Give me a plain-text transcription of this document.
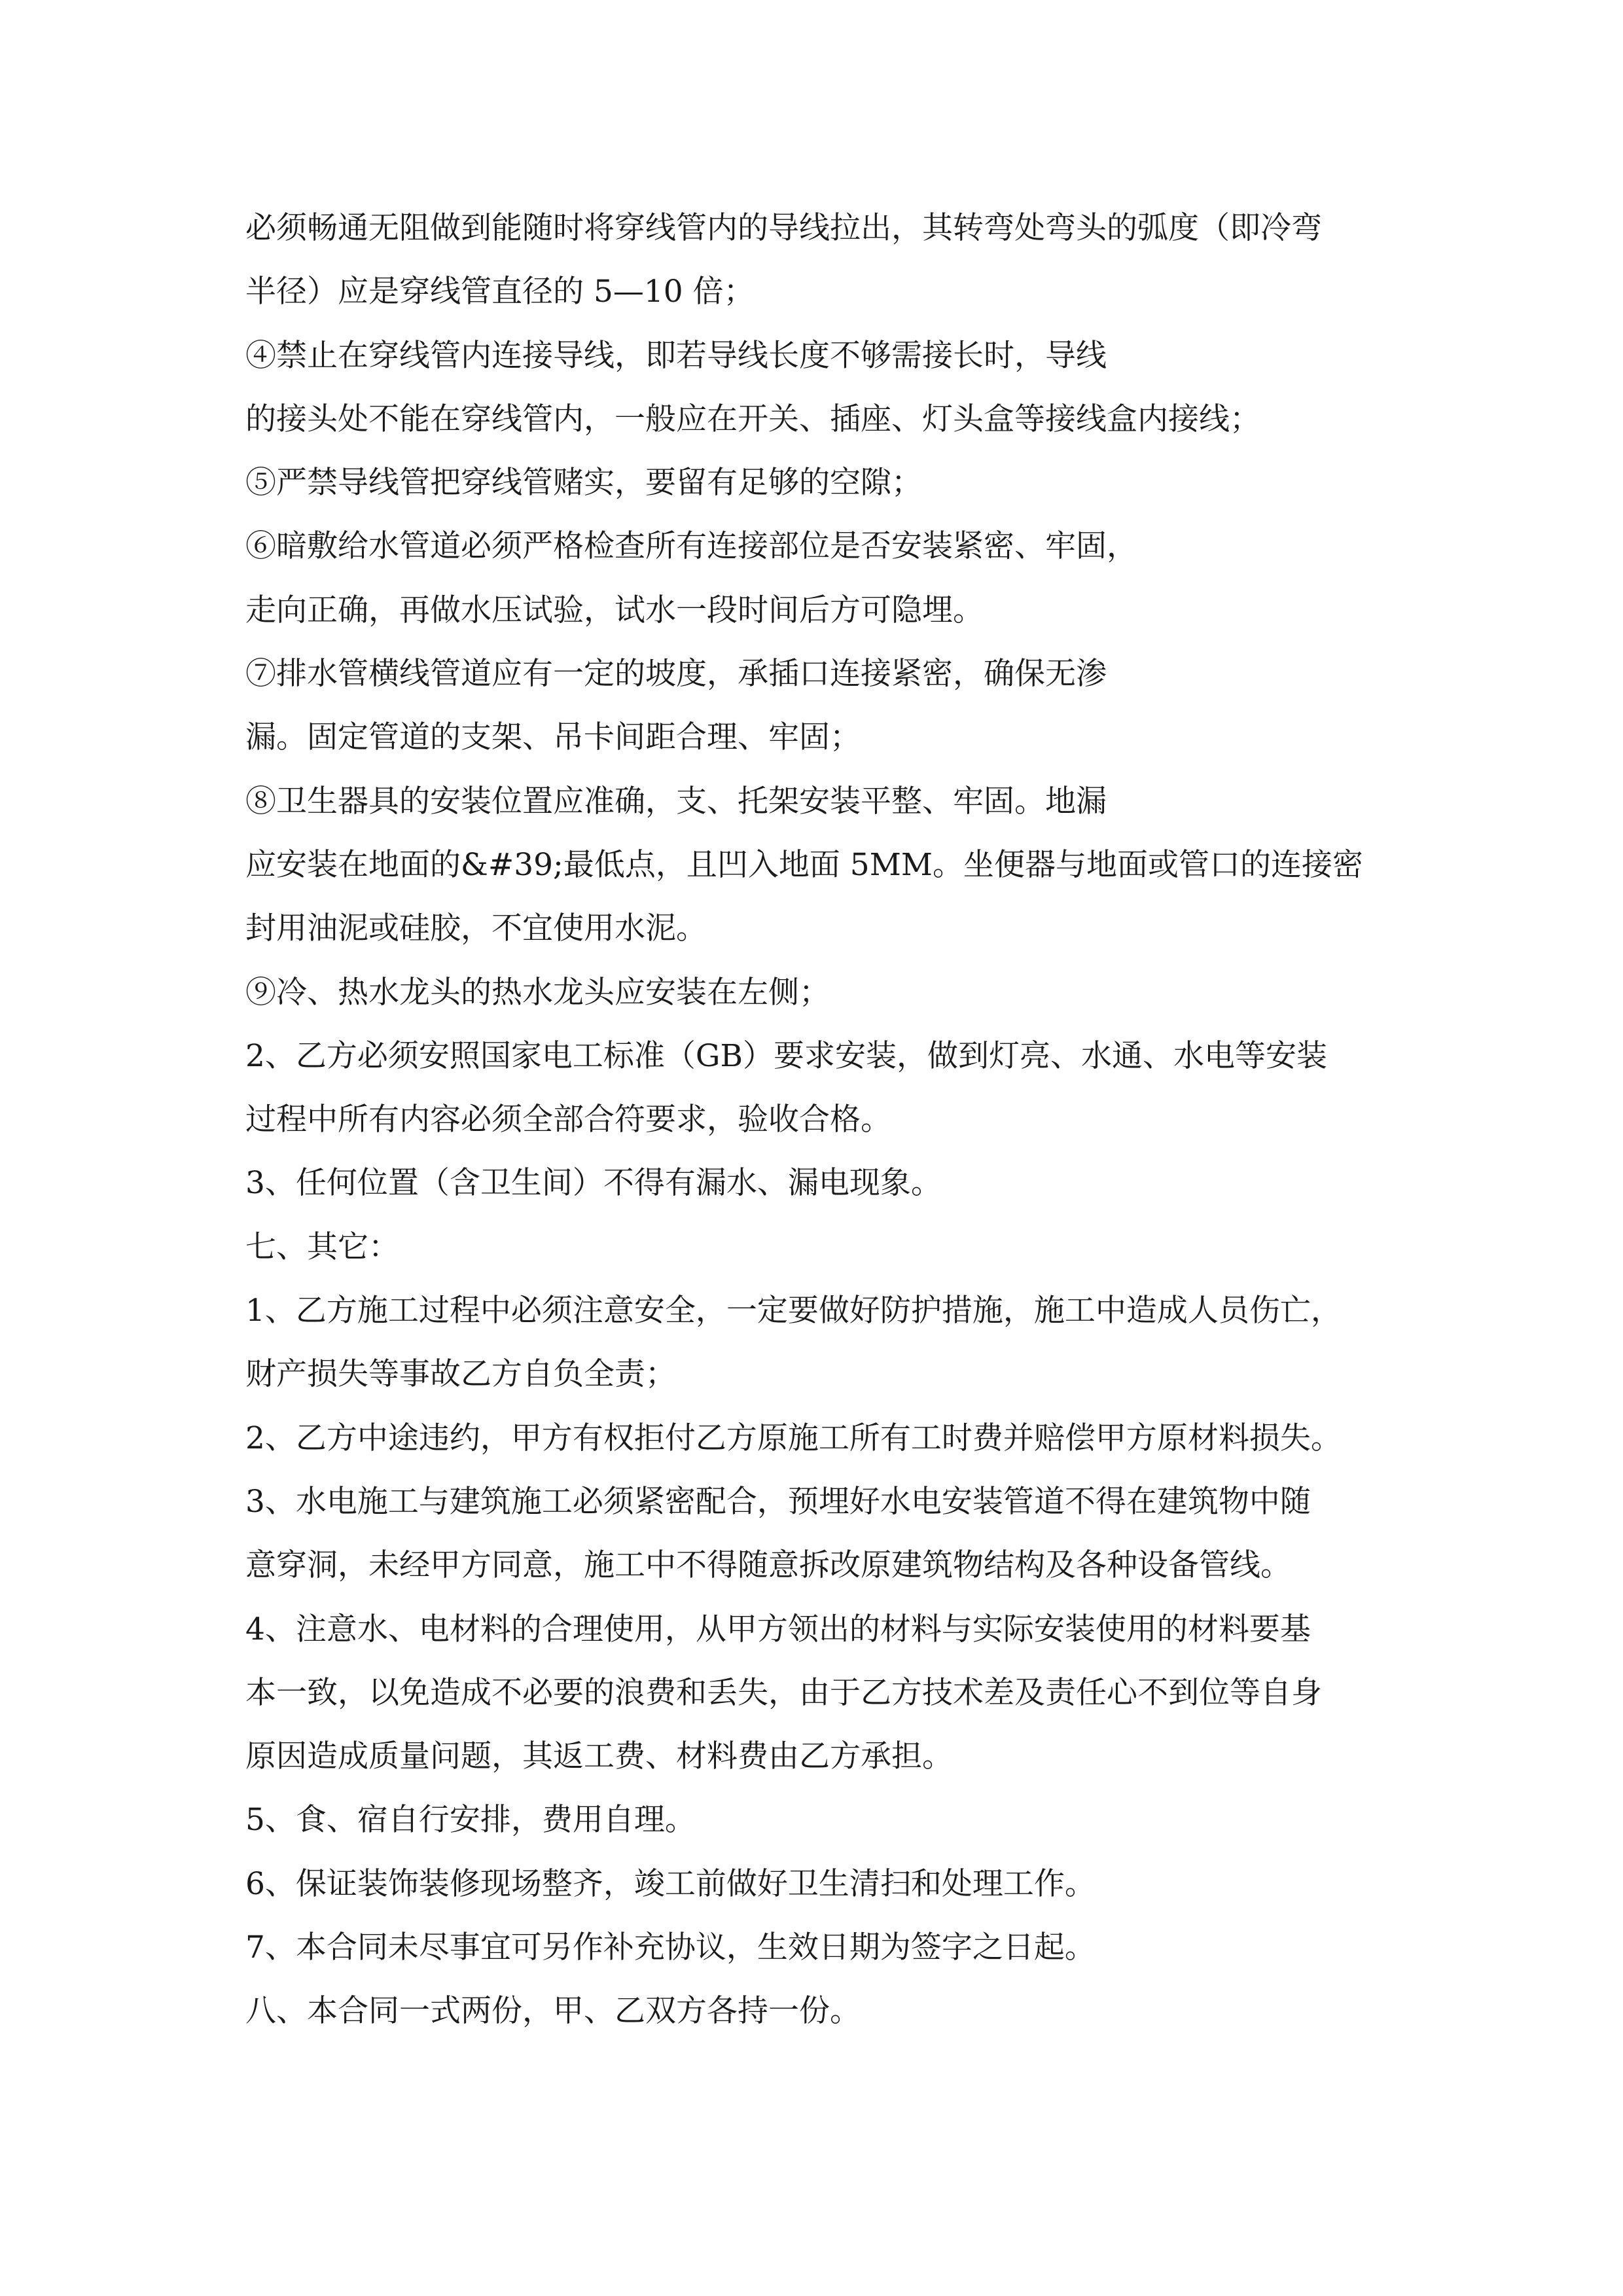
必须畅通无阻做到能随时将穿线管内的导线拉出，其转弯处弯头的弧度（即冷弯
半径）应是穿线管直径的 5—10 倍；
④禁止在穿线管内连接导线，即若导线长度不够需接长时，导线
的接头处不能在穿线管内，一般应在开关、插座、灯头盒等接线盒内接线；
⑤严禁导线管把穿线管赌实，要留有足够的空隙；
⑥暗敷给水管道必须严格检查所有连接部位是否安装紧密、牢固，
走向正确，再做水压试验，试水一段时间后方可隐埋。
⑦排水管横线管道应有一定的坡度，承插口连接紧密，确保无渗
漏。固定管道的支架、吊卡间距合理、牢固；
⑧卫生器具的安装位置应准确，支、托架安装平整、牢固。地漏
应安装在地面的&#39;最低点，且凹入地面 5MM。坐便器与地面或管口的连接密
封用油泥或硅胶，不宜使用水泥。
⑨冷、热水龙头的热水龙头应安装在左侧；
2、乙方必须安照国家电工标准（GB）要求安装，做到灯亮、水通、水电等安装
过程中所有内容必须全部合符要求，验收合格。
3、任何位置（含卫生间）不得有漏水、漏电现象。
七、其它：
1、乙方施工过程中必须注意安全，一定要做好防护措施，施工中造成人员伤亡，
财产损失等事故乙方自负全责；
2、乙方中途违约，甲方有权拒付乙方原施工所有工时费并赔偿甲方原材料损失。
3、水电施工与建筑施工必须紧密配合，预埋好水电安装管道不得在建筑物中随
意穿洞，未经甲方同意，施工中不得随意拆改原建筑物结构及各种设备管线。
4、注意水、电材料的合理使用，从甲方领出的材料与实际安装使用的材料要基
本一致，以免造成不必要的浪费和丢失，由于乙方技术差及责任心不到位等自身
原因造成质量问题，其返工费、材料费由乙方承担。
5、食、宿自行安排，费用自理。
6、保证装饰装修现场整齐，竣工前做好卫生清扫和处理工作。
7、本合同未尽事宜可另作补充协议，生效日期为签字之日起。
八、本合同一式两份，甲、乙双方各持一份。
